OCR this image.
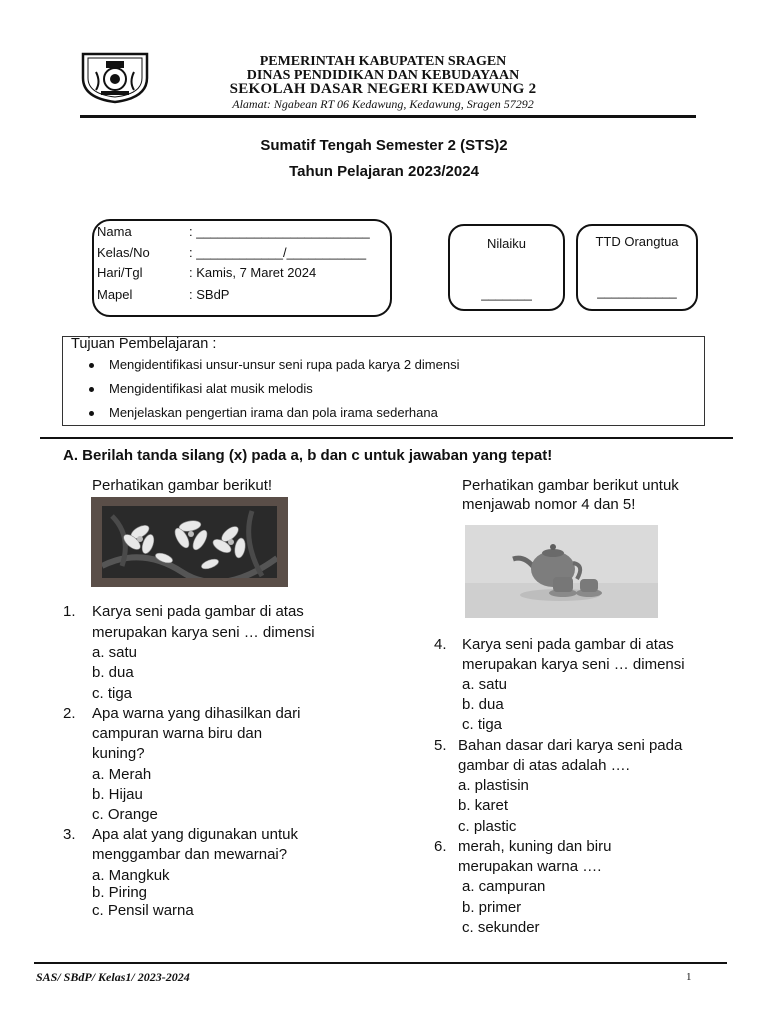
PEMERINTAH KABUPATEN SRAGEN
DINAS PENDIDIKAN DAN KEBUDAYAAN
SEKOLAH DASAR NEGERI KEDAWUNG 2
Alamat: Ngabean RT 06 Kedawung, Kedawung, Sragen 57292
Sumatif Tengah Semester 2 (STS)2
Tahun Pelajaran 2023/2024
Nama	: ________________________
Kelas/No	: ____________/___________
Hari/Tgl	: Kamis, 7 Maret 2024
Mapel	: SBdP
Nilaiku
_______
TTD Orangtua
___________
Tujuan Pembelajaran :
Mengidentifikasi unsur-unsur seni rupa pada karya 2 dimensi
Mengidentifikasi alat musik melodis
Menjelaskan pengertian irama dan pola irama sederhana
A. Berilah tanda silang (x) pada a, b dan c untuk jawaban yang tepat!
Perhatikan gambar berikut!
1. Karya seni pada gambar di atas
merupakan karya seni … dimensi
a. satu
b. dua
c. tiga
2. Apa warna yang dihasilkan dari
campuran warna biru dan
kuning?
a. Merah
b. Hijau
c. Orange
3. Apa alat yang digunakan untuk
menggambar dan mewarnai?
a. Mangkuk
b. Piring
c. Pensil warna
Perhatikan gambar berikut untuk
menjawab nomor 4 dan 5!
4. Karya seni pada gambar di atas
merupakan karya seni … dimensi
a. satu
b. dua
c. tiga
5. Bahan dasar dari karya seni pada
gambar di atas adalah ….
a. plastisin
b. karet
c. plastic
6. merah, kuning dan biru
merupakan warna ….
a. campuran
b. primer
c. sekunder
SAS/ SBdP/ Kelas1/ 2023-2024	1
